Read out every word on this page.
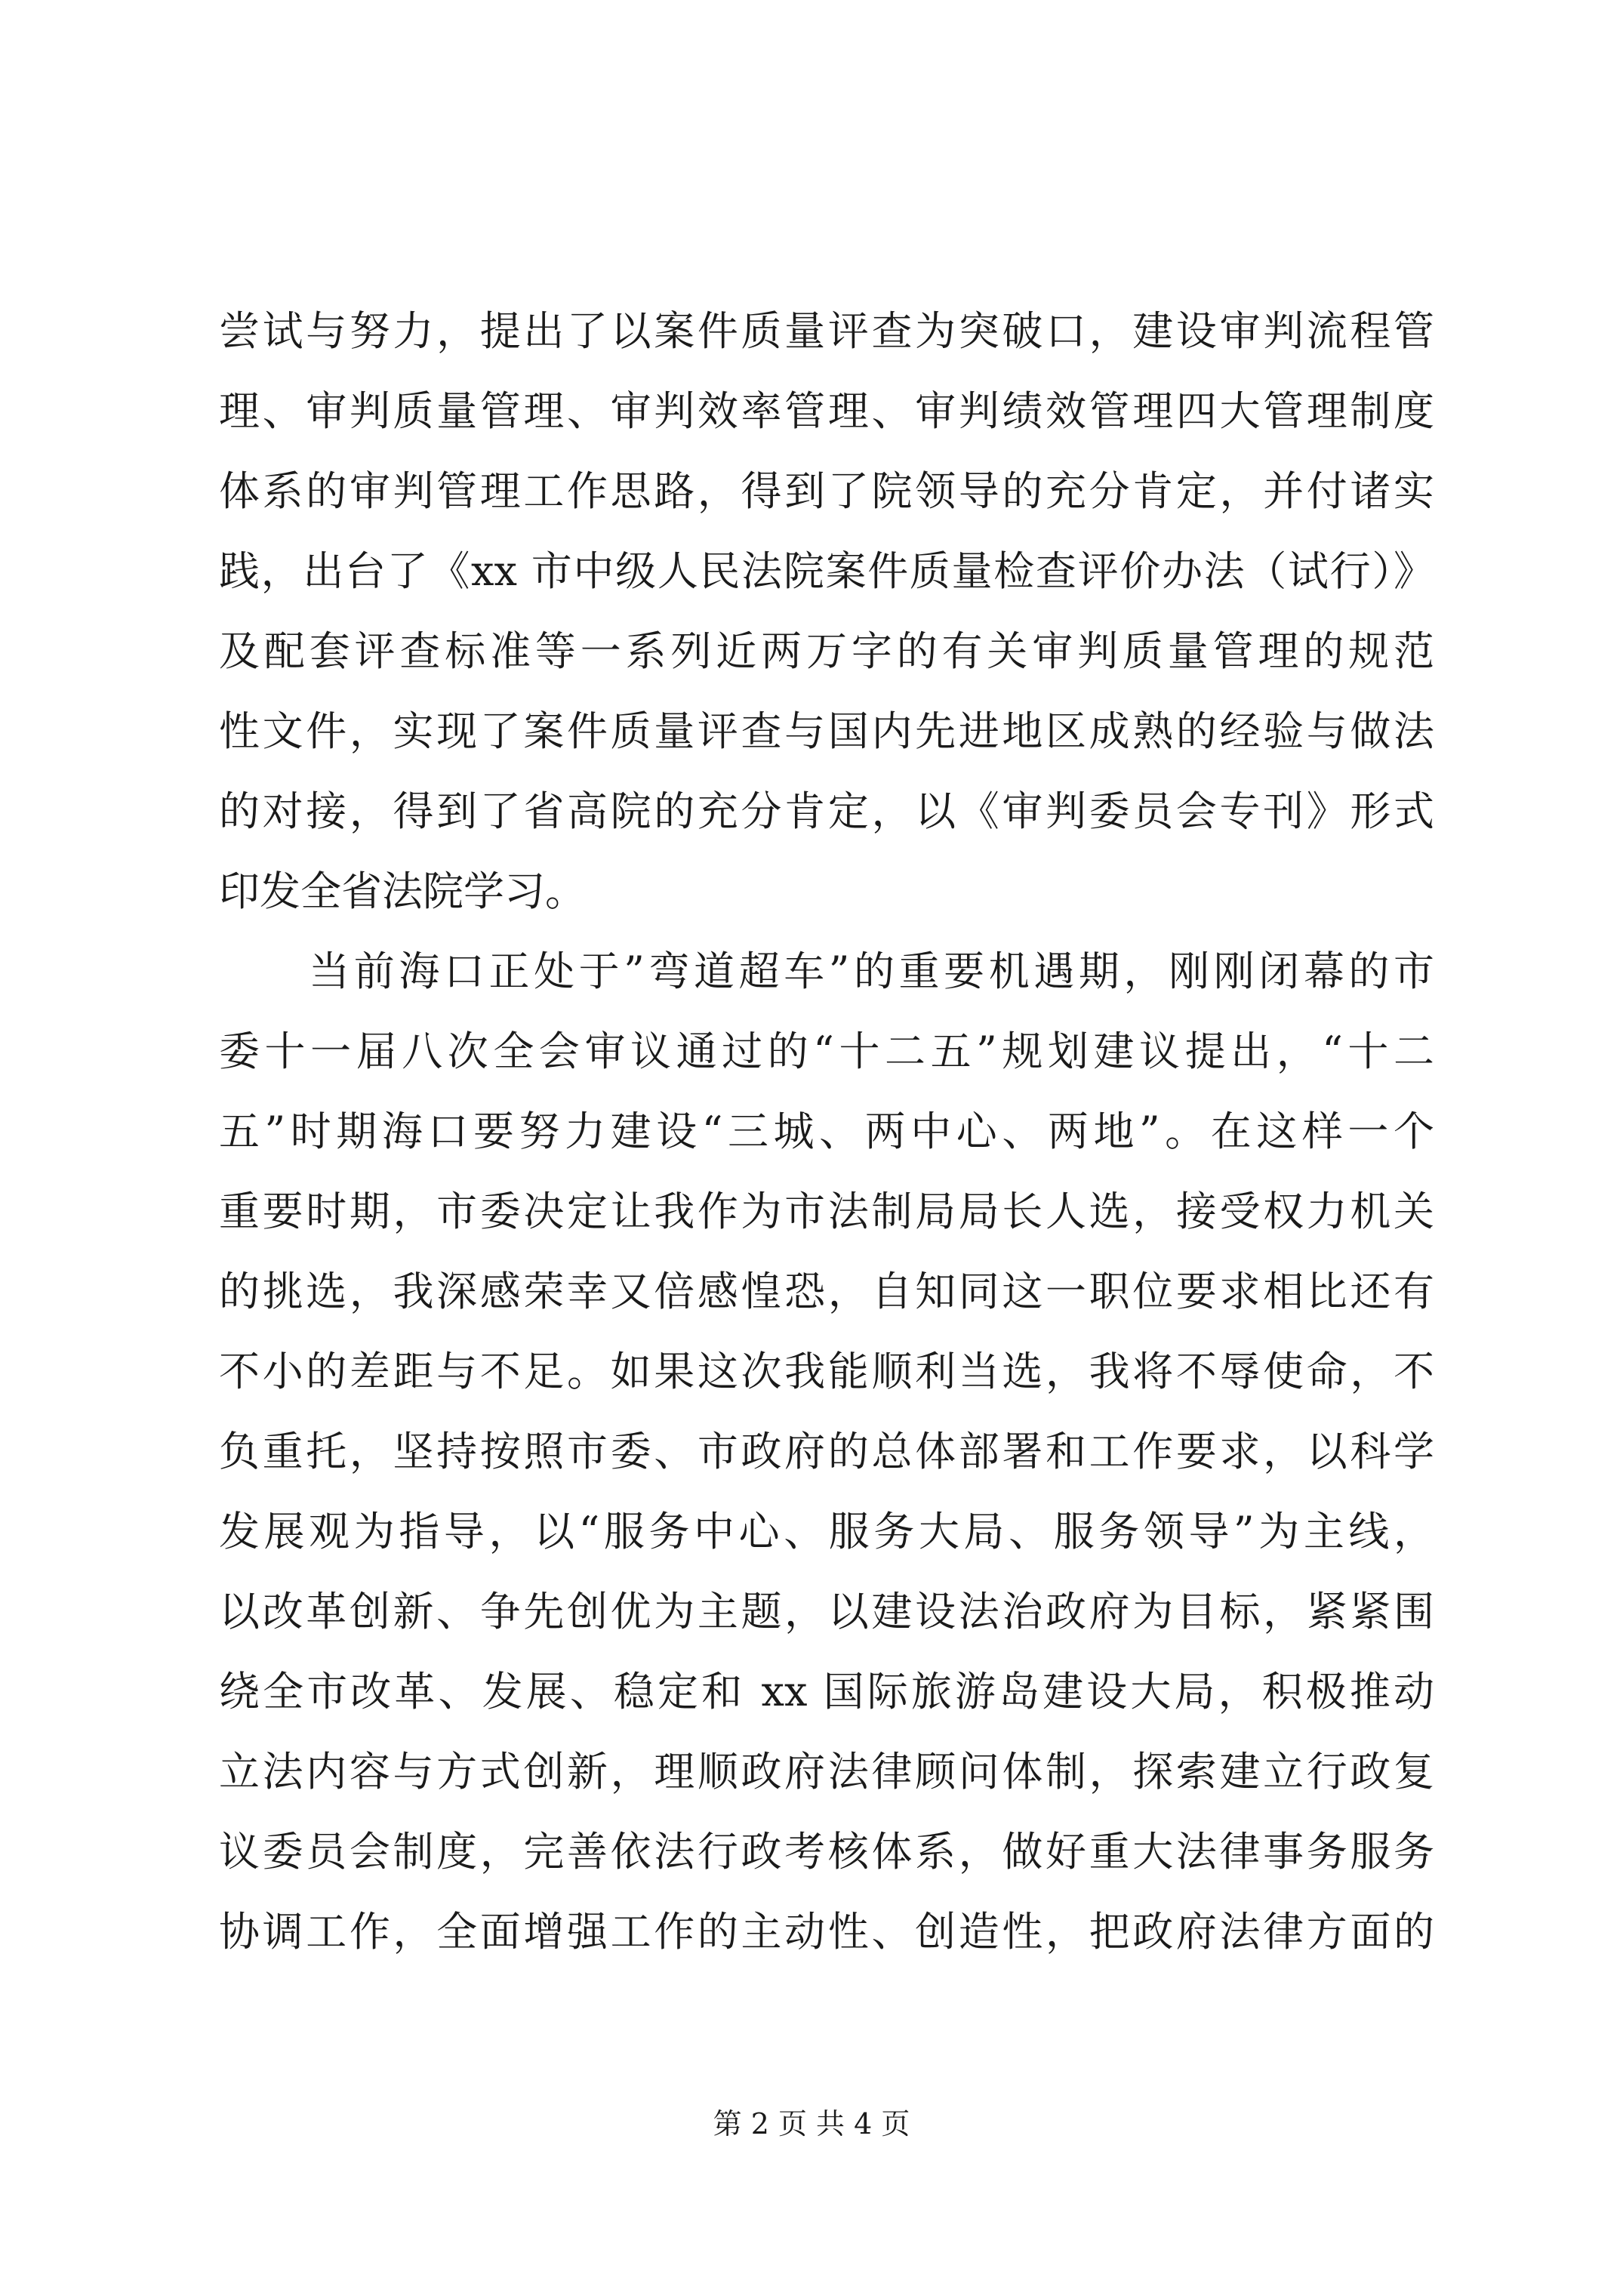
尝试与努力，提出了以案件质量评查为突破口，建设审判流程管
理、审判质量管理、审判效率管理、审判绩效管理四大管理制度
体系的审判管理工作思路，得到了院领导的充分肯定，并付诸实
践，出台了《xx 市中级人民法院案件质量检查评价办法（试行）》
及配套评查标准等一系列近两万字的有关审判质量管理的规范
性文件，实现了案件质量评查与国内先进地区成熟的经验与做法
的对接，得到了省高院的充分肯定，以《审判委员会专刊》形式
印发全省法院学习。
　　当前海口正处于”弯道超车”的重要机遇期，刚刚闭幕的市
委十一届八次全会审议通过的“十二五”规划建议提出，“十二
五”时期海口要努力建设“三城、两中心、两地”。在这样一个
重要时期，市委决定让我作为市法制局局长人选，接受权力机关
的挑选，我深感荣幸又倍感惶恐，自知同这一职位要求相比还有
不小的差距与不足。如果这次我能顺利当选，我将不辱使命，不
负重托，坚持按照市委、市政府的总体部署和工作要求，以科学
发展观为指导，以“服务中心、服务大局、服务领导”为主线，
以改革创新、争先创优为主题，以建设法治政府为目标，紧紧围
绕全市改革、发展、稳定和 xx 国际旅游岛建设大局，积极推动
立法内容与方式创新，理顺政府法律顾问体制，探索建立行政复
议委员会制度，完善依法行政考核体系，做好重大法律事务服务
协调工作，全面增强工作的主动性、创造性，把政府法律方面的
第 2 页 共 4 页
